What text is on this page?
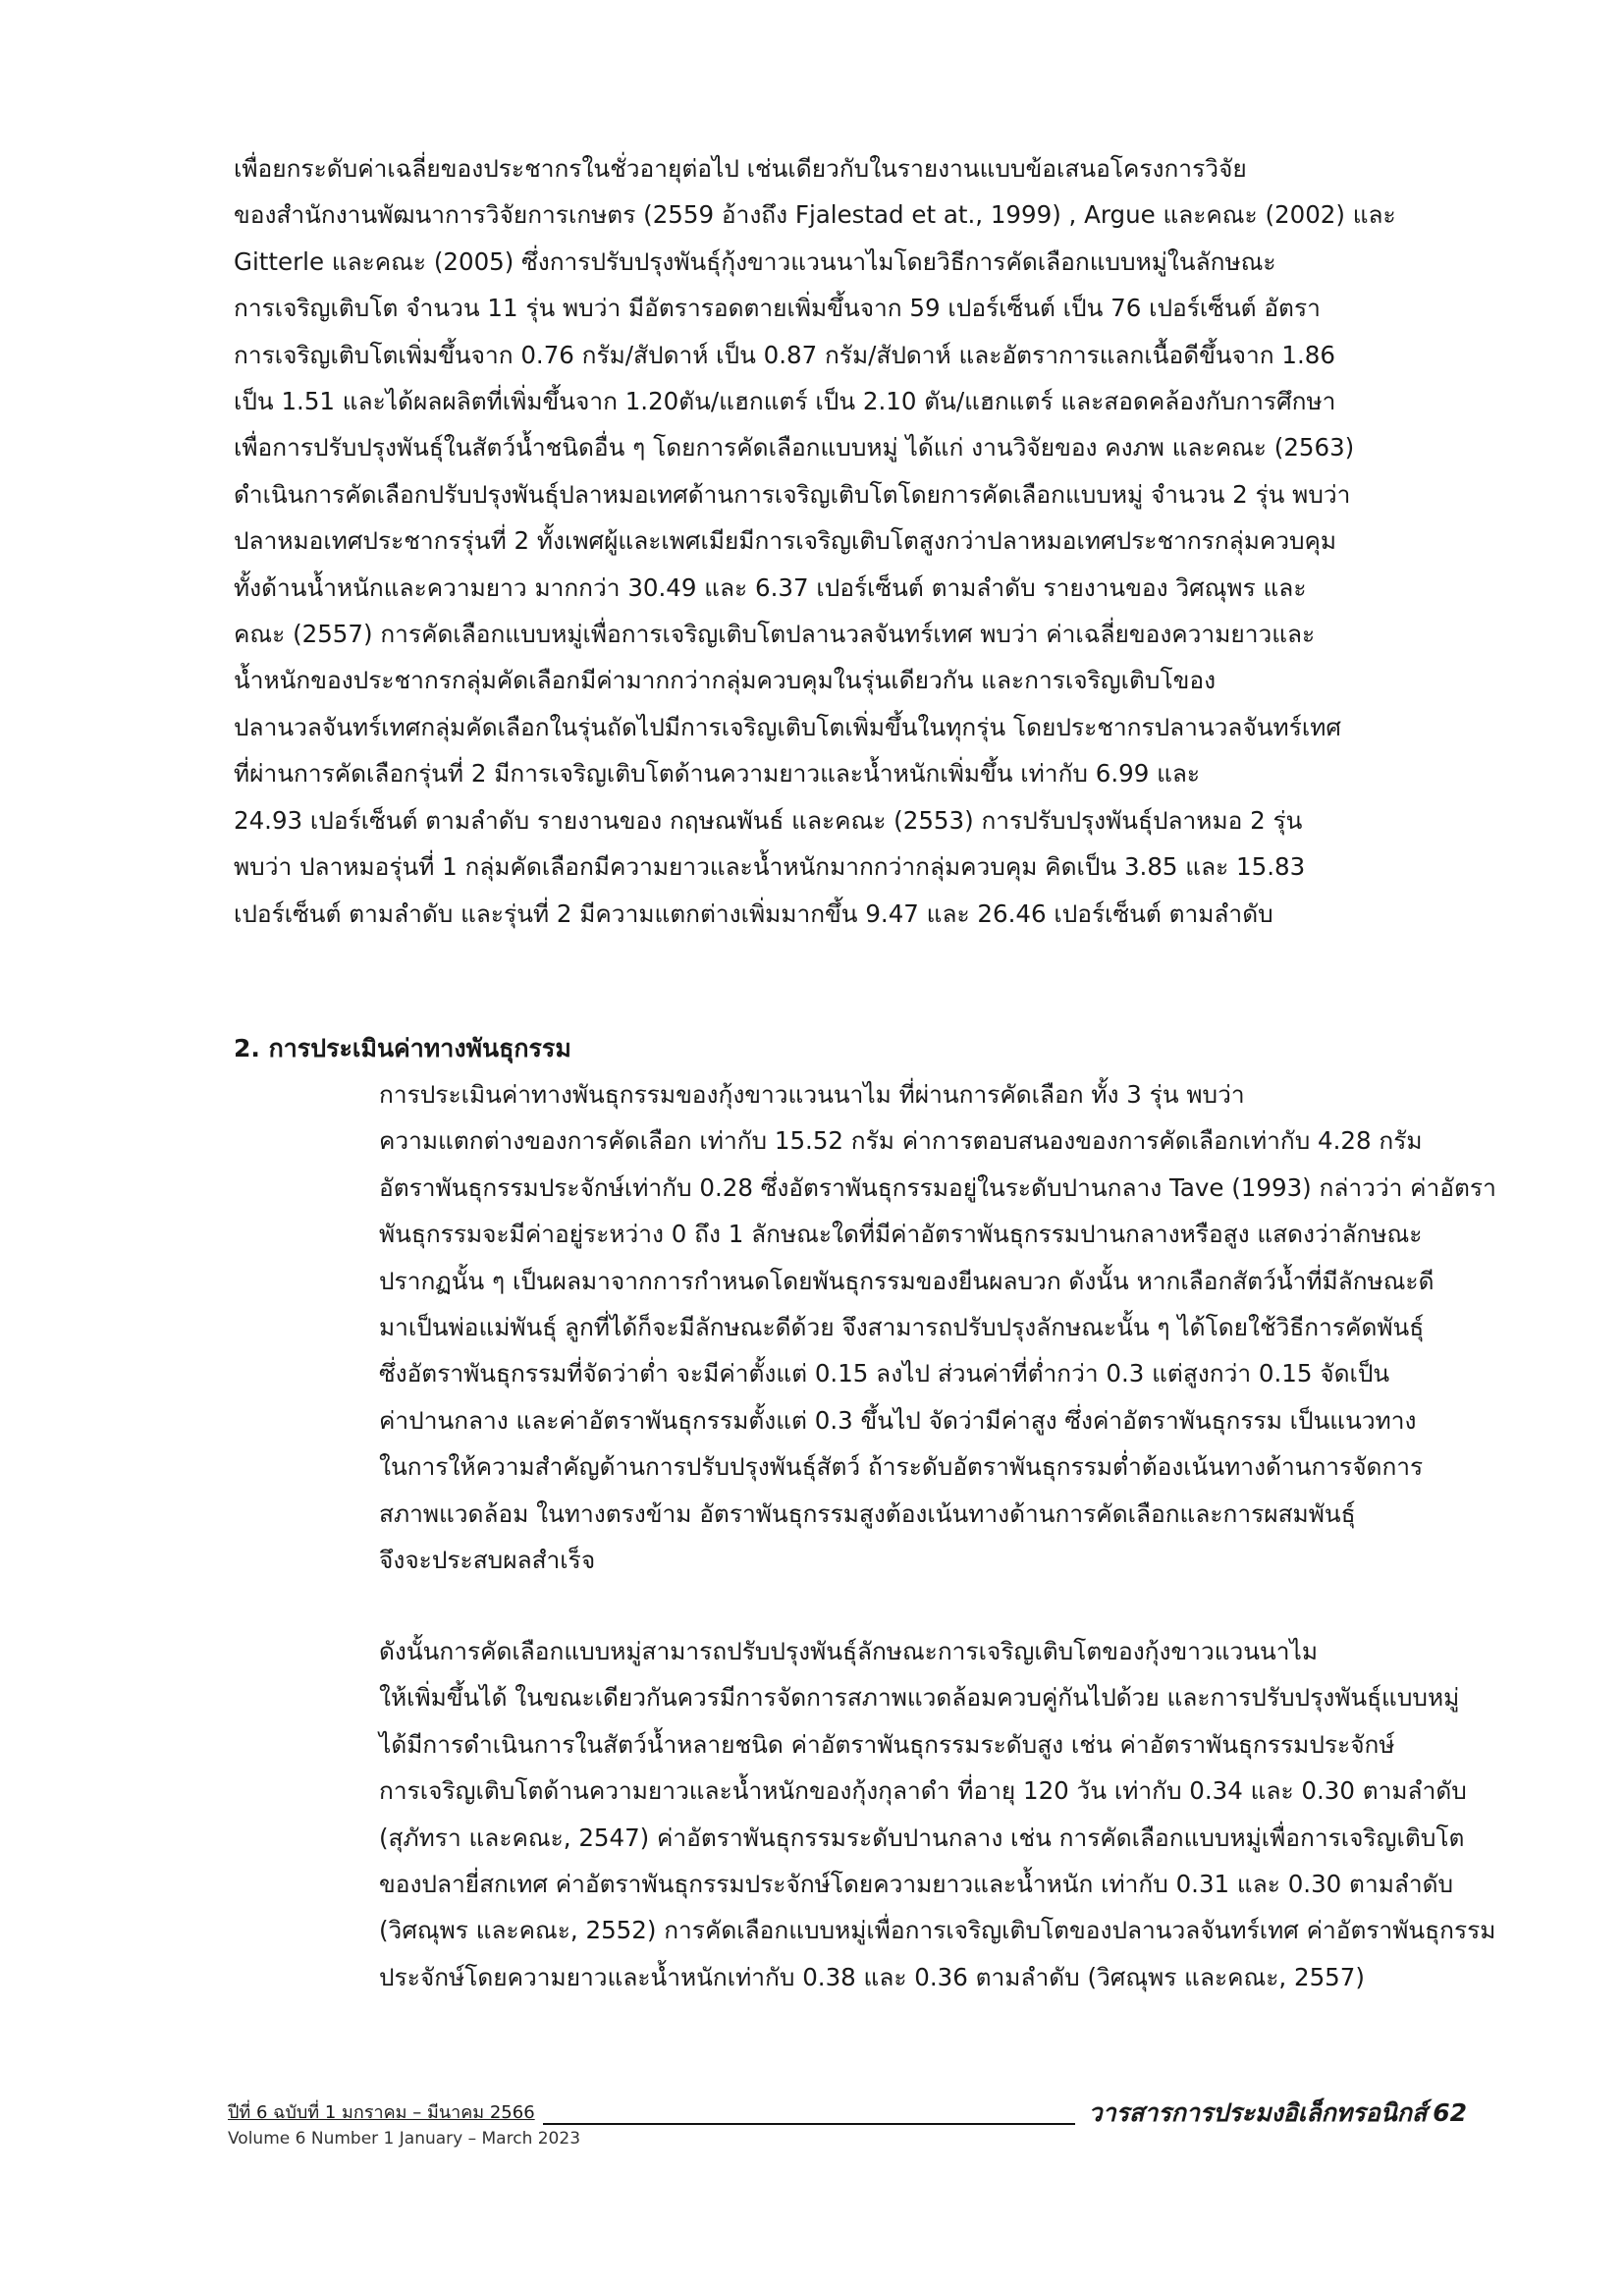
เพื่อยกระดับค่าเฉลี่ยของประชากรในชั่วอายุต่อไป เช่นเดียวกับในรายงานแบบข้อเสนอโครงการวิจัย
ของสำนักงานพัฒนาการวิจัยการเกษตร (2559 อ้างถึง Fjalestad et at., 1999) , Argue และคณะ (2002) และ
Gitterle และคณะ (2005) ซึ่งการปรับปรุงพันธุ์กุ้งขาวแวนนาไมโดยวิธีการคัดเลือกแบบหมู่ในลักษณะ
การเจริญเติบโต จำนวน 11 รุ่น พบว่า มีอัตรารอดตายเพิ่มขึ้นจาก 59 เปอร์เซ็นต์ เป็น 76 เปอร์เซ็นต์ อัตรา
การเจริญเติบโตเพิ่มขึ้นจาก 0.76 กรัม/สัปดาห์ เป็น 0.87 กรัม/สัปดาห์ และอัตราการแลกเนื้อดีขึ้นจาก 1.86
เป็น 1.51 และได้ผลผลิตที่เพิ่มขึ้นจาก 1.20ตัน/แฮกแตร์ เป็น 2.10 ตัน/แฮกแตร์ และสอดคล้องกับการศึกษา
เพื่อการปรับปรุงพันธุ์ในสัตว์น้ำชนิดอื่น ๆ โดยการคัดเลือกแบบหมู่ ได้แก่ งานวิจัยของ คงภพ และคณะ (2563)
ดำเนินการคัดเลือกปรับปรุงพันธุ์ปลาหมอเทศด้านการเจริญเติบโตโดยการคัดเลือกแบบหมู่ จำนวน 2 รุ่น พบว่า
ปลาหมอเทศประชากรรุ่นที่ 2 ทั้งเพศผู้และเพศเมียมีการเจริญเติบโตสูงกว่าปลาหมอเทศประชากรกลุ่มควบคุม
ทั้งด้านน้ำหนักและความยาว มากกว่า 30.49 และ 6.37 เปอร์เซ็นต์ ตามลำดับ รายงานของ วิศณุพร และ
คณะ (2557) การคัดเลือกแบบหมู่เพื่อการเจริญเติบโตปลานวลจันทร์เทศ พบว่า ค่าเฉลี่ยของความยาวและ
น้ำหนักของประชากรกลุ่มคัดเลือกมีค่ามากกว่ากลุ่มควบคุมในรุ่นเดียวกัน และการเจริญเติบโของ
ปลานวลจันทร์เทศกลุ่มคัดเลือกในรุ่นถัดไปมีการเจริญเติบโตเพิ่มขึ้นในทุกรุ่น โดยประชากรปลานวลจันทร์เทศ
ที่ผ่านการคัดเลือกรุ่นที่ 2 มีการเจริญเติบโตด้านความยาวและน้ำหนักเพิ่มขึ้น เท่ากับ 6.99 และ
24.93 เปอร์เซ็นต์ ตามลำดับ รายงานของ กฤษณพันธ์ และคณะ (2553) การปรับปรุงพันธุ์ปลาหมอ 2 รุ่น
พบว่า ปลาหมอรุ่นที่ 1 กลุ่มคัดเลือกมีความยาวและน้ำหนักมากกว่ากลุ่มควบคุม คิดเป็น 3.85 และ 15.83
เปอร์เซ็นต์ ตามลำดับ และรุ่นที่ 2 มีความแตกต่างเพิ่มมากขึ้น 9.47 และ 26.46 เปอร์เซ็นต์ ตามลำดับ
2. การประเมินค่าทางพันธุกรรม
การประเมินค่าทางพันธุกรรมของกุ้งขาวแวนนาไม ที่ผ่านการคัดเลือก ทั้ง 3 รุ่น พบว่า
ความแตกต่างของการคัดเลือก เท่ากับ 15.52 กรัม ค่าการตอบสนองของการคัดเลือกเท่ากับ 4.28 กรัม
อัตราพันธุกรรมประจักษ์เท่ากับ 0.28 ซึ่งอัตราพันธุกรรมอยู่ในระดับปานกลาง Tave (1993) กล่าวว่า ค่าอัตรา
พันธุกรรมจะมีค่าอยู่ระหว่าง 0 ถึง 1 ลักษณะใดที่มีค่าอัตราพันธุกรรมปานกลางหรือสูง แสดงว่าลักษณะ
ปรากฏนั้น ๆ เป็นผลมาจากการกำหนดโดยพันธุกรรมของยีนผลบวก ดังนั้น หากเลือกสัตว์น้ำที่มีลักษณะดี
มาเป็นพ่อแม่พันธุ์ ลูกที่ได้ก็จะมีลักษณะดีด้วย จึงสามารถปรับปรุงลักษณะนั้น ๆ ได้โดยใช้วิธีการคัดพันธุ์
ซึ่งอัตราพันธุกรรมที่จัดว่าต่ำ จะมีค่าตั้งแต่ 0.15 ลงไป ส่วนค่าที่ต่ำกว่า 0.3 แต่สูงกว่า 0.15 จัดเป็น
ค่าปานกลาง และค่าอัตราพันธุกรรมตั้งแต่ 0.3 ขึ้นไป จัดว่ามีค่าสูง ซึ่งค่าอัตราพันธุกรรม เป็นแนวทาง
ในการให้ความสำคัญด้านการปรับปรุงพันธุ์สัตว์ ถ้าระดับอัตราพันธุกรรมต่ำต้องเน้นทางด้านการจัดการ
สภาพแวดล้อม ในทางตรงข้าม อัตราพันธุกรรมสูงต้องเน้นทางด้านการคัดเลือกและการผสมพันธุ์
จึงจะประสบผลสำเร็จ
ดังนั้นการคัดเลือกแบบหมู่สามารถปรับปรุงพันธุ์ลักษณะการเจริญเติบโตของกุ้งขาวแวนนาไม
ให้เพิ่มขึ้นได้ ในขณะเดียวกันควรมีการจัดการสภาพแวดล้อมควบคู่กันไปด้วย และการปรับปรุงพันธุ์แบบหมู่
ได้มีการดำเนินการในสัตว์น้ำหลายชนิด ค่าอัตราพันธุกรรมระดับสูง เช่น ค่าอัตราพันธุกรรมประจักษ์
การเจริญเติบโตด้านความยาวและน้ำหนักของกุ้งกุลาดำ ที่อายุ 120 วัน เท่ากับ 0.34 และ 0.30 ตามลำดับ
(สุภัทรา และคณะ, 2547) ค่าอัตราพันธุกรรมระดับปานกลาง เช่น การคัดเลือกแบบหมู่เพื่อการเจริญเติบโต
ของปลายี่สกเทศ ค่าอัตราพันธุกรรมประจักษ์โดยความยาวและน้ำหนัก เท่ากับ 0.31 และ 0.30 ตามลำดับ
(วิศณุพร และคณะ, 2552) การคัดเลือกแบบหมู่เพื่อการเจริญเติบโตของปลานวลจันทร์เทศ ค่าอัตราพันธุกรรม
ประจักษ์โดยความยาวและน้ำหนักเท่ากับ 0.38 และ 0.36 ตามลำดับ (วิศณุพร และคณะ, 2557)
ปีที่ 6 ฉบับที่ 1 มกราคม – มีนาคม 2566
Volume 6 Number 1 January – March 2023
วารสารการประมงอิเล็กทรอนิกส์ 62
